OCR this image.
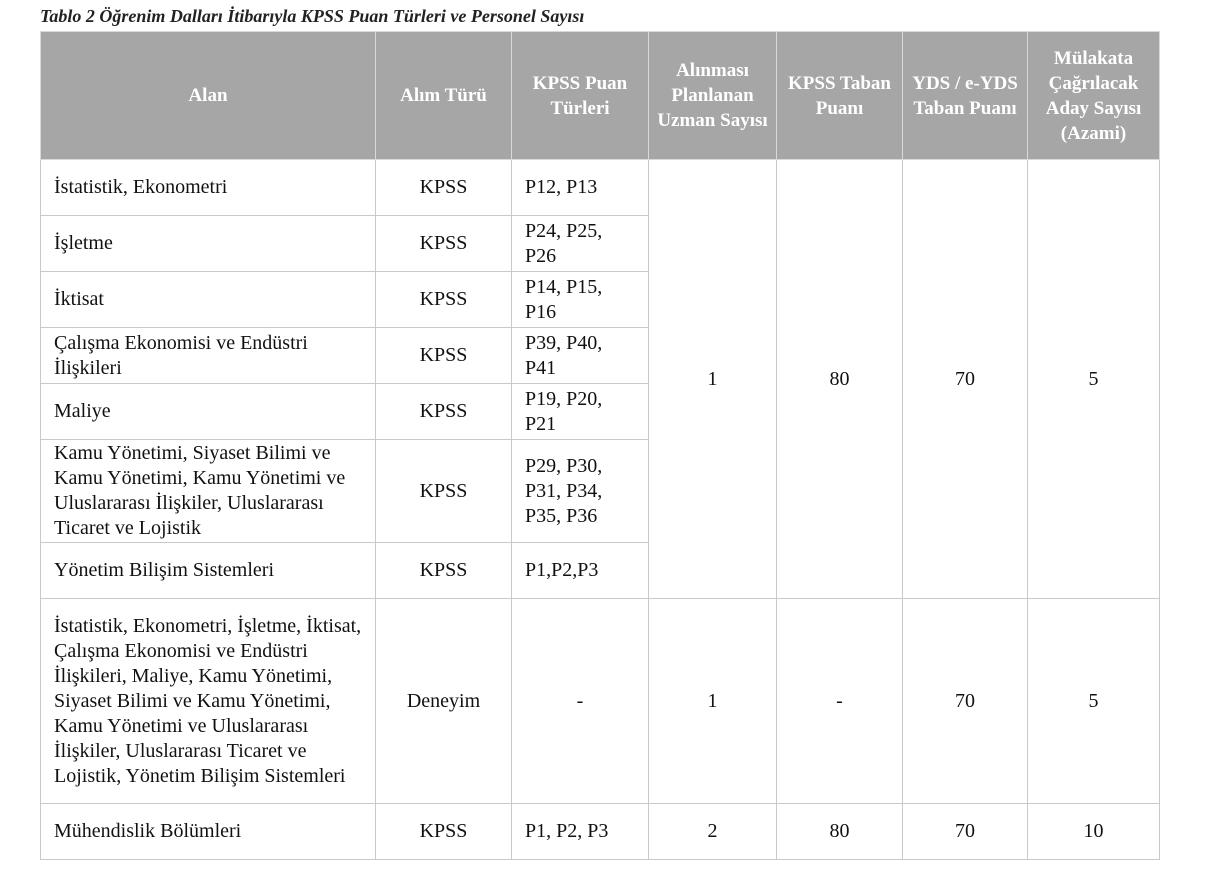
Tablo 2 Öğrenim Dalları İtibarıyla KPSS Puan Türleri ve Personel Sayısı
Alan	Alım Türü	KPSS Puan Türleri	Alınması Planlanan Uzman Sayısı	KPSS Taban Puanı	YDS / e-YDS Taban Puanı	Mülakata Çağrılacak Aday Sayısı (Azami)
İstatistik, Ekonometri	KPSS	P12, P13	1	80	70	5
İşletme	KPSS	P24, P25, P26				
İktisat	KPSS	P14, P15, P16				
Çalışma Ekonomisi ve Endüstri İlişkileri	KPSS	P39, P40, P41				
Maliye	KPSS	P19, P20, P21				
Kamu Yönetimi, Siyaset Bilimi ve Kamu Yönetimi, Kamu Yönetimi ve Uluslararası İlişkiler, Uluslararası Ticaret ve Lojistik	KPSS	P29, P30, P31, P34, P35, P36				
Yönetim Bilişim Sistemleri	KPSS	P1,P2,P3				
İstatistik, Ekonometri, İşletme, İktisat, Çalışma Ekonomisi ve Endüstri İlişkileri, Maliye, Kamu Yönetimi, Siyaset Bilimi ve Kamu Yönetimi, Kamu Yönetimi ve Uluslararası İlişkiler, Uluslararası Ticaret ve Lojistik, Yönetim Bilişim Sistemleri	Deneyim	-	1	-	70	5
Mühendislik Bölümleri	KPSS	P1, P2, P3	2	80	70	10
